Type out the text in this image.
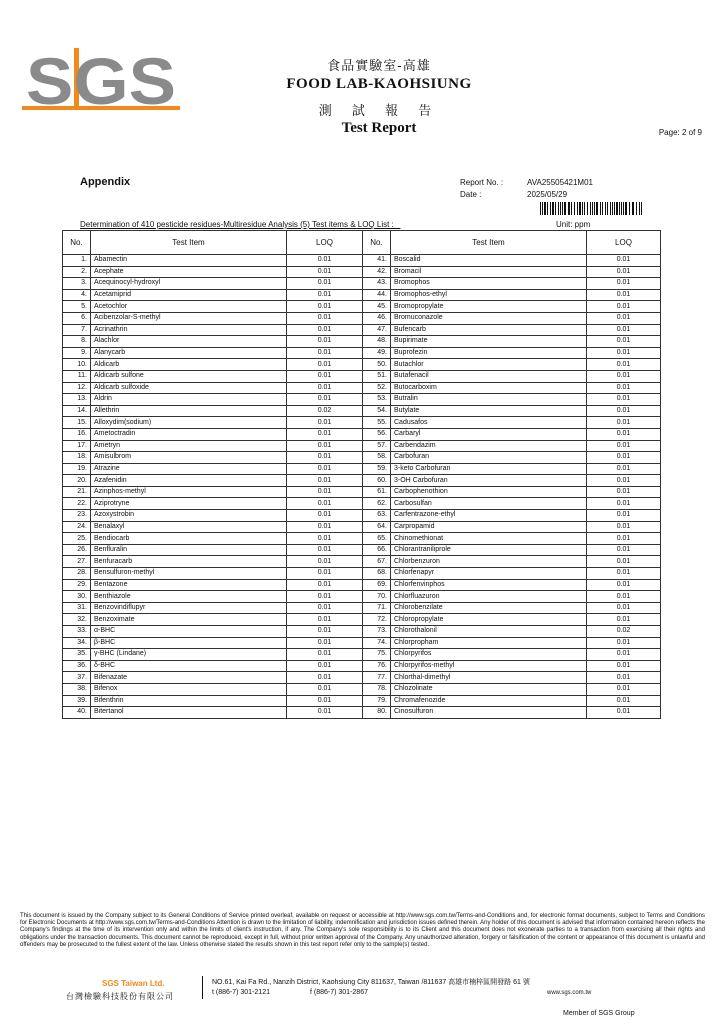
SGS	食品實驗室-高雄
FOOD LAB-KAOHSIUNG
測 試 報 告
Test Report	Page: 2 of 9
Appendix	Report No. :	AVA25505421M01
Date :	2025/05/29
Determination of 410 pesticide residues-Multiresidue Analysis (5) Test items & LOQ List :	Unit: ppm
No.	Test Item	LOQ	No.	Test Item	LOQ
1.	Abamectin	0.01	41.	Boscalid	0.01
2.	Acephate	0.01	42.	Bromacil	0.01
3.	Acequinocyl-hydroxyl	0.01	43.	Bromophos	0.01
4.	Acetamiprid	0.01	44.	Bromophos-ethyl	0.01
5.	Acetochlor	0.01	45.	Bromopropylate	0.01
6.	Acibenzolar-S-methyl	0.01	46.	Bromuconazole	0.01
7.	Acrinathrin	0.01	47.	Bufencarb	0.01
8.	Alachlor	0.01	48.	Bupirimate	0.01
9.	Alanycarb	0.01	49.	Buprofezin	0.01
10.	Aldicarb	0.01	50.	Butachlor	0.01
11.	Aldicarb sulfone	0.01	51.	Butafenacil	0.01
12.	Aldicarb sulfoxide	0.01	52.	Butocarboxim	0.01
13.	Aldrin	0.01	53.	Butralin	0.01
14.	Allethrin	0.02	54.	Butylate	0.01
15.	Alloxydim(sodium)	0.01	55.	Cadusafos	0.01
16.	Ametoctradin	0.01	56.	Carbaryl	0.01
17.	Ametryn	0.01	57.	Carbendazim	0.01
18.	Amisulbrom	0.01	58.	Carbofuran	0.01
19.	Atrazine	0.01	59.	3-keto Carbofuran	0.01
20.	Azafenidin	0.01	60.	3-OH Carbofuran	0.01
21.	Azinphos-methyl	0.01	61.	Carbophenothion	0.01
22.	Aziprotryne	0.01	62.	Carbosulfan	0.01
23.	Azoxystrobin	0.01	63.	Carfentrazone-ethyl	0.01
24.	Benalaxyl	0.01	64.	Carpropamid	0.01
25.	Bendiocarb	0.01	65.	Chinomethionat	0.01
26.	Benfluralin	0.01	66.	Chlorantraniliprole	0.01
27.	Benfuracarb	0.01	67.	Chlorbenzuron	0.01
28.	Bensulfuron-methyl	0.01	68.	Chlorfenapyr	0.01
29.	Bentazone	0.01	69.	Chlorfenvinphos	0.01
30.	Benthiazole	0.01	70.	Chlorfluazuron	0.01
31.	Benzovindiflupyr	0.01	71.	Chlorobenzilate	0.01
32.	Benzoximate	0.01	72.	Chloropropylate	0.01
33.	α-BHC	0.01	73.	Chlorothalonil	0.02
34.	β-BHC	0.01	74.	Chlorpropham	0.01
35.	γ-BHC (Lindane)	0.01	75.	Chlorpyrifos	0.01
36.	δ-BHC	0.01	76.	Chlorpyrifos-methyl	0.01
37.	Bifenazate	0.01	77.	Chlorthal-dimethyl	0.01
38.	Bifenox	0.01	78.	Chlozolinate	0.01
39.	Bifenthrin	0.01	79.	Chromafenozide	0.01
40.	Bitertanol	0.01	80.	Cinosulfuron	0.01
This document is issued by the Company subject to its General Conditions of Service printed overleaf, available on request or accessible at http://www.sgs.com.tw/Terms-and-Conditions and, for electronic format documents, subject to Terms and Conditions for Electronic Documents at http://www.sgs.com.tw/Terms-and-Conditions Attention is drawn to the limitation of liability, indemnification and jurisdiction issues defined therein. Any holder of this document is advised that information contained hereon reflects the Company's findings at the time of its intervention only and within the limits of client's instruction, if any. The Company's sole responsibility is to its Client and this document does not exonerate parties to a transaction from exercising all their rights and obligations under the transaction documents. This document cannot be reproduced, except in full, without prior written approval of the Company. Any unauthorized alteration, forgery or falsification of the content or appearance of this document is unlawful and offenders may be prosecuted to the fullest extent of the law. Unless otherwise stated the results shown in this test report refer only to the sample(s) tested.
SGS Taiwan Ltd.
台灣檢驗科技股份有限公司
NO.61, Kai Fa Rd., Nanzih District, Kaohsiung City 811637, Taiwan /811637 高雄市楠梓區開發路 61 號
t (886-7) 301-2121	f (886-7) 301-2867	www.sgs.com.tw
Member of SGS Group
